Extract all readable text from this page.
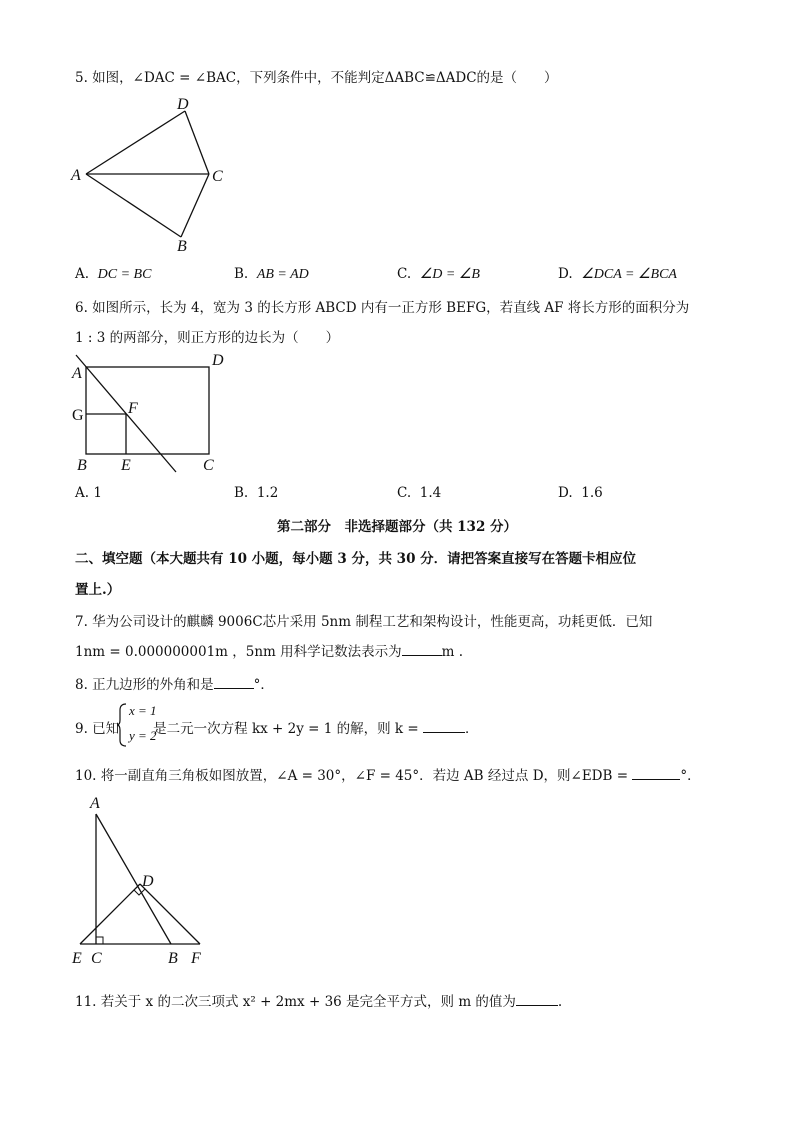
5. 如图，∠DAC = ∠BAC，下列条件中，不能判定ΔABC≌ΔADC的是（　　）
D
A	C
B
A. DC = BC	B. AB = AD	C. ∠D = ∠B	D. ∠DCA = ∠BCA
6. 如图所示，长为 4，宽为 3 的长方形 ABCD 内有一正方形 BEFG，若直线 AF 将长方形的面积分为
1 : 3 的两部分，则正方形的边长为（　　）
A
D
G	F
B E	C
A. 1	B. 1.2	C. 1.4	D. 1.6
第二部分　非选择题部分（共 132 分）
二、填空题（本大题共有 10 小题，每小题 3 分，共 30 分．请把答案直接写在答题卡相应位
置上.）
7. 华为公司设计的麒麟 9006C芯片采用 5nm 制程工艺和架构设计，性能更高，功耗更低．已知
1nm = 0.000000001m ，5nm 用科学记数法表示为	m .
8. 正九边形的外角和是	°．
9. 已知	是二元一次方程 kx + 2y = 1 的解，则 k =	．
x = 1
y = 2
10. 将一副直角三角板如图放置，∠A = 30°，∠F = 45°．若边 AB 经过点 D，则∠EDB =	°．
A
D
E C	B F
11. 若关于 x 的二次三项式 x² + 2mx + 36 是完全平方式，则 m 的值为	.
